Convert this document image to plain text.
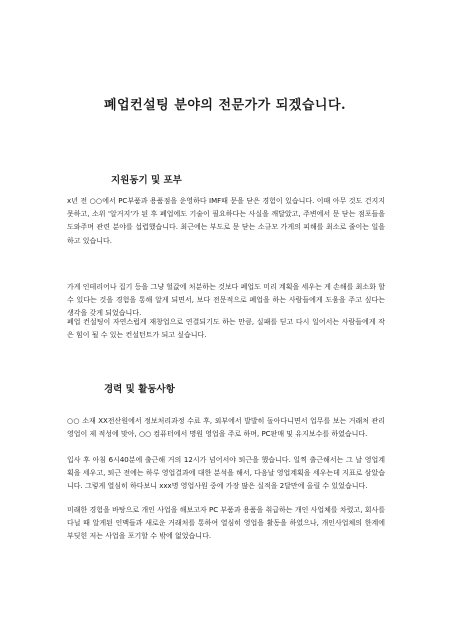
폐업컨설팅 분야의 전문가가 되겠습니다.
지원동기 및 포부

x년 전 ○○에서 PC부품과 용품점을 운영하다 IMF때 문을 닫은 경험이 있습니다. 이때 아무 것도 건지지 못하고, 소위 '알거지'가 된 후 폐업에도 기술이 필요하다는 사실을 깨달았고, 주변에서 문 닫는 점포들을 도와주며 관련 분야를 섭렵했습니다. 최근에는 부도로 문 닫는 소규모 가게의 피해를 최소로 줄이는 일을 하고 있습니다.

가게 인테리어나 집기 등을 그냥 헐값에 처분하는 것보다 폐업도 미리 계획을 세우는 게 손해를 최소화 할 수 있다는 것을 경험을 통해 알게 되면서, 보다 전문적으로 폐업을 하는 사람들에게 도움을 주고 싶다는 생각을 갖게 되었습니다.

폐업 컨설팅이 자연스럽게 재창업으로 연결되기도 하는 만큼, 실패를 딛고 다시 일어서는 사람들에게 작은 힘이 될 수 있는 컨설턴트가 되고 싶습니다.

경력 및 활동사항

○○ 소재 XX전산원에서 정보처리과정 수료 후, 외부에서 발발히 돌아다니면서 업무를 보는 거래처 관리 영업이 제 적성에 맞아, ○○ 컴퓨터에서 명원 영업을 주로 하며, PC판매 및 유지보수를 하였습니다.

입사 후 아침 6시40분에 출근해 거의 12시가 넘어서야 퇴근을 했습니다. 일찍 출근해서는 그 날 영업계획을 세우고, 퇴근 전에는 하루 영업결과에 대한 분석을 해서, 다음날 영업계획을 세우는데 지표로 삼았습니다. 그렇게 열심히 하다보니 xxx명 영업사원 중에 가장 많은 실적을 2달만에 올릴 수 있었습니다.

미래한 경험을 바탕으로 개인 사업을 해보고자 PC 부품과 용품을 취급하는 개인 사업체를 차렸고, 회사를 다닐 때 알게된 인맥들과 새로운 거래처를 통하여 열심히 영업을 활동을 하였으나, 개인사업체의 한계에 부딪힌 저는 사업을 포기할 수 밖에 없었습니다.
